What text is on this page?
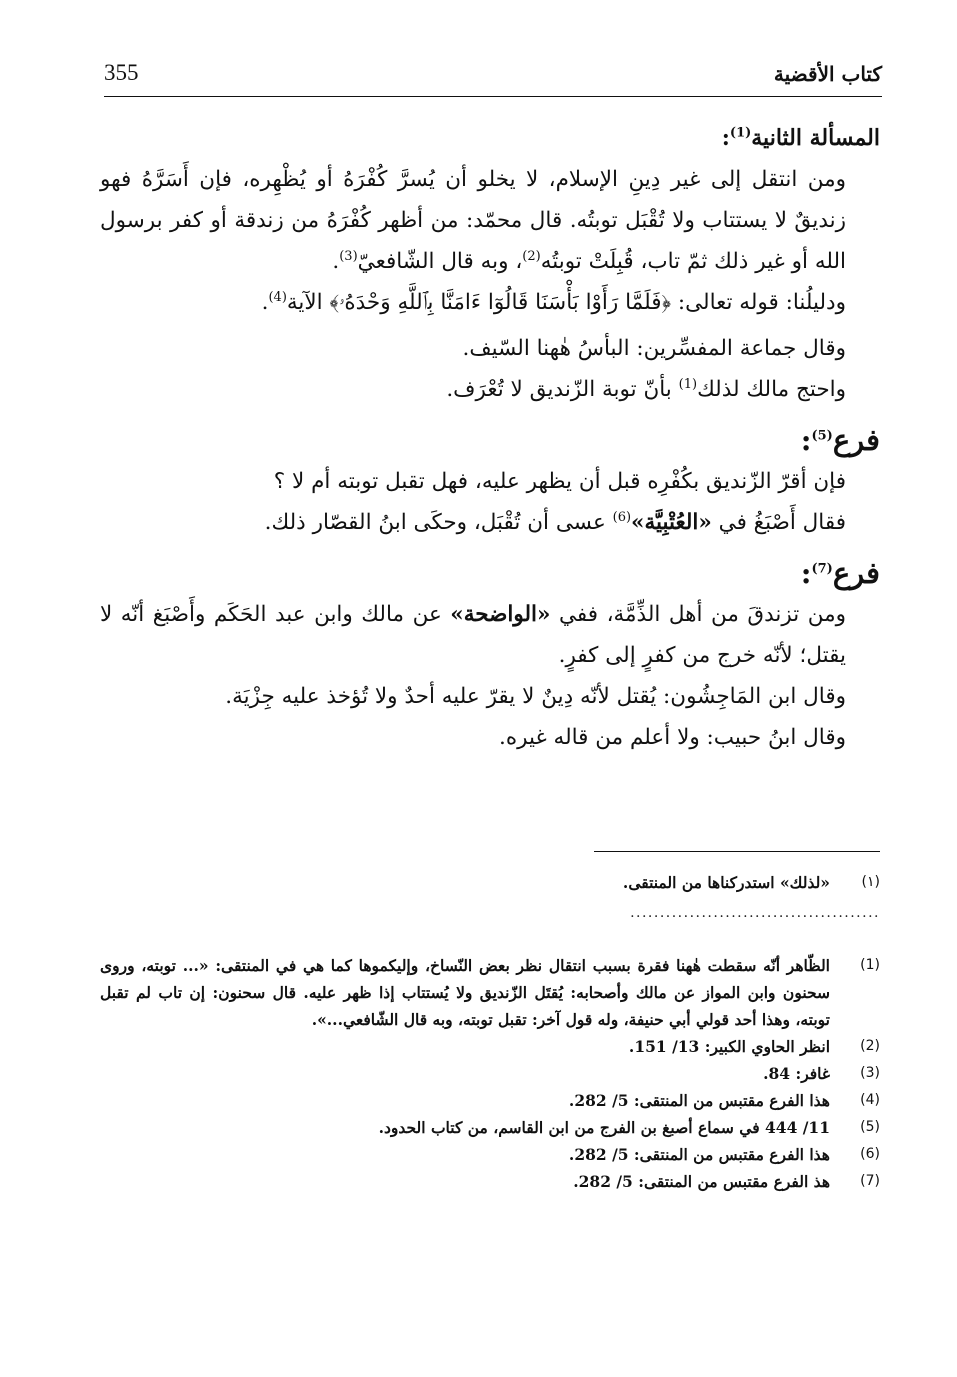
كتاب الأقضية
355

المسألة الثانية$^{(1)}$:

ومن انتقل إلى غير دِينِ الإسلام، لا يخلو أن يُسرَّ كُفْرَهُ أو يُظْهِره، فإن أَسَرَّهُ فهو زنديقٌ لا يستتاب ولا تُقْبَل توبتُه. قال محمّد: من أظهر كُفْرَهُ من زندقة أو كفر برسول الله أو غير ذلك ثمّ تاب، قُبِلَتْ توبتُه$^{(2)}$، وبه قال الشّافعيّ$^{(3)}$.

ودليلُنا: قوله تعالى: ﴿فَلَمَّا رَأَوْا بَأْسَنَا قَالُوٓا ءَامَنَّا بِٱللَّهِ وَحْدَهُۥ﴾ الآية$^{(4)}$.

وقال جماعة المفسِّرين: البأسُ هٰهنا السّيف.

واحتج مالك لذلك$^{(1)}$ بأنّ توبة الزّنديق لا تُعْرَف.

فرع$^{(5)}$:

فإن أقرّ الزّنديق بكُفْرِه قبل أن يظهر عليه، فهل تقبل توبته أم لا ؟

فقال أَصْبَغُ في «العُتْبِيَّة»$^{(6)}$ عسى أن تُقْبَل، وحكَى ابنُ القصّار ذلك.

فرع$^{(7)}$:

ومن تزندقَ من أهل الذِّمَّة، ففي «الواضحة» عن مالك وابن عبد الحَكَم وأَصْبَغ أنّه لا يقتل؛ لأنّه خرج من كفرٍ إلى كفرٍ.

وقال ابن المَاجِشُون: يُقتل لأنّه دِينٌ لا يقرّ عليه أحدٌ ولا تُؤخذ عليه جِزْيَة.

وقال ابنُ حبيب: ولا أعلم من قاله غيره.

(١)
«لذلك» استدركناها من المنتقى.
..........................................
(1)
الظّاهر أنّه سقطت هٰهنا فقرة بسبب انتقال نظر بعض النّساخ، وإليكموها كما هي في المنتقى: «... توبته، وروى سحنون وابن المواز عن مالك وأصحابه: يُقتَل الزّنديق ولا يُستتاب إذا ظهر عليه. قال سحنون: إن تاب لم تقبل توبته، وهذا أحد قولي أبي حنيفة، وله قول آخر: تقبل توبته، وبه قال الشّافعي...».
(2)
انظر الحاوي الكبير: 13/ 151.
(3)
غافر: 84.
(4)
هذا الفرع مقتبس من المنتقى: 5/ 282.
(5)
11/ 444 في سماع أصبغ بن الفرج من ابن القاسم، من كتاب الحدود.
(6)
هذا الفرع مقتبس من المنتقى: 5/ 282.
(7)
هذ الفرع مقتبس من المنتقى: 5/ 282.
